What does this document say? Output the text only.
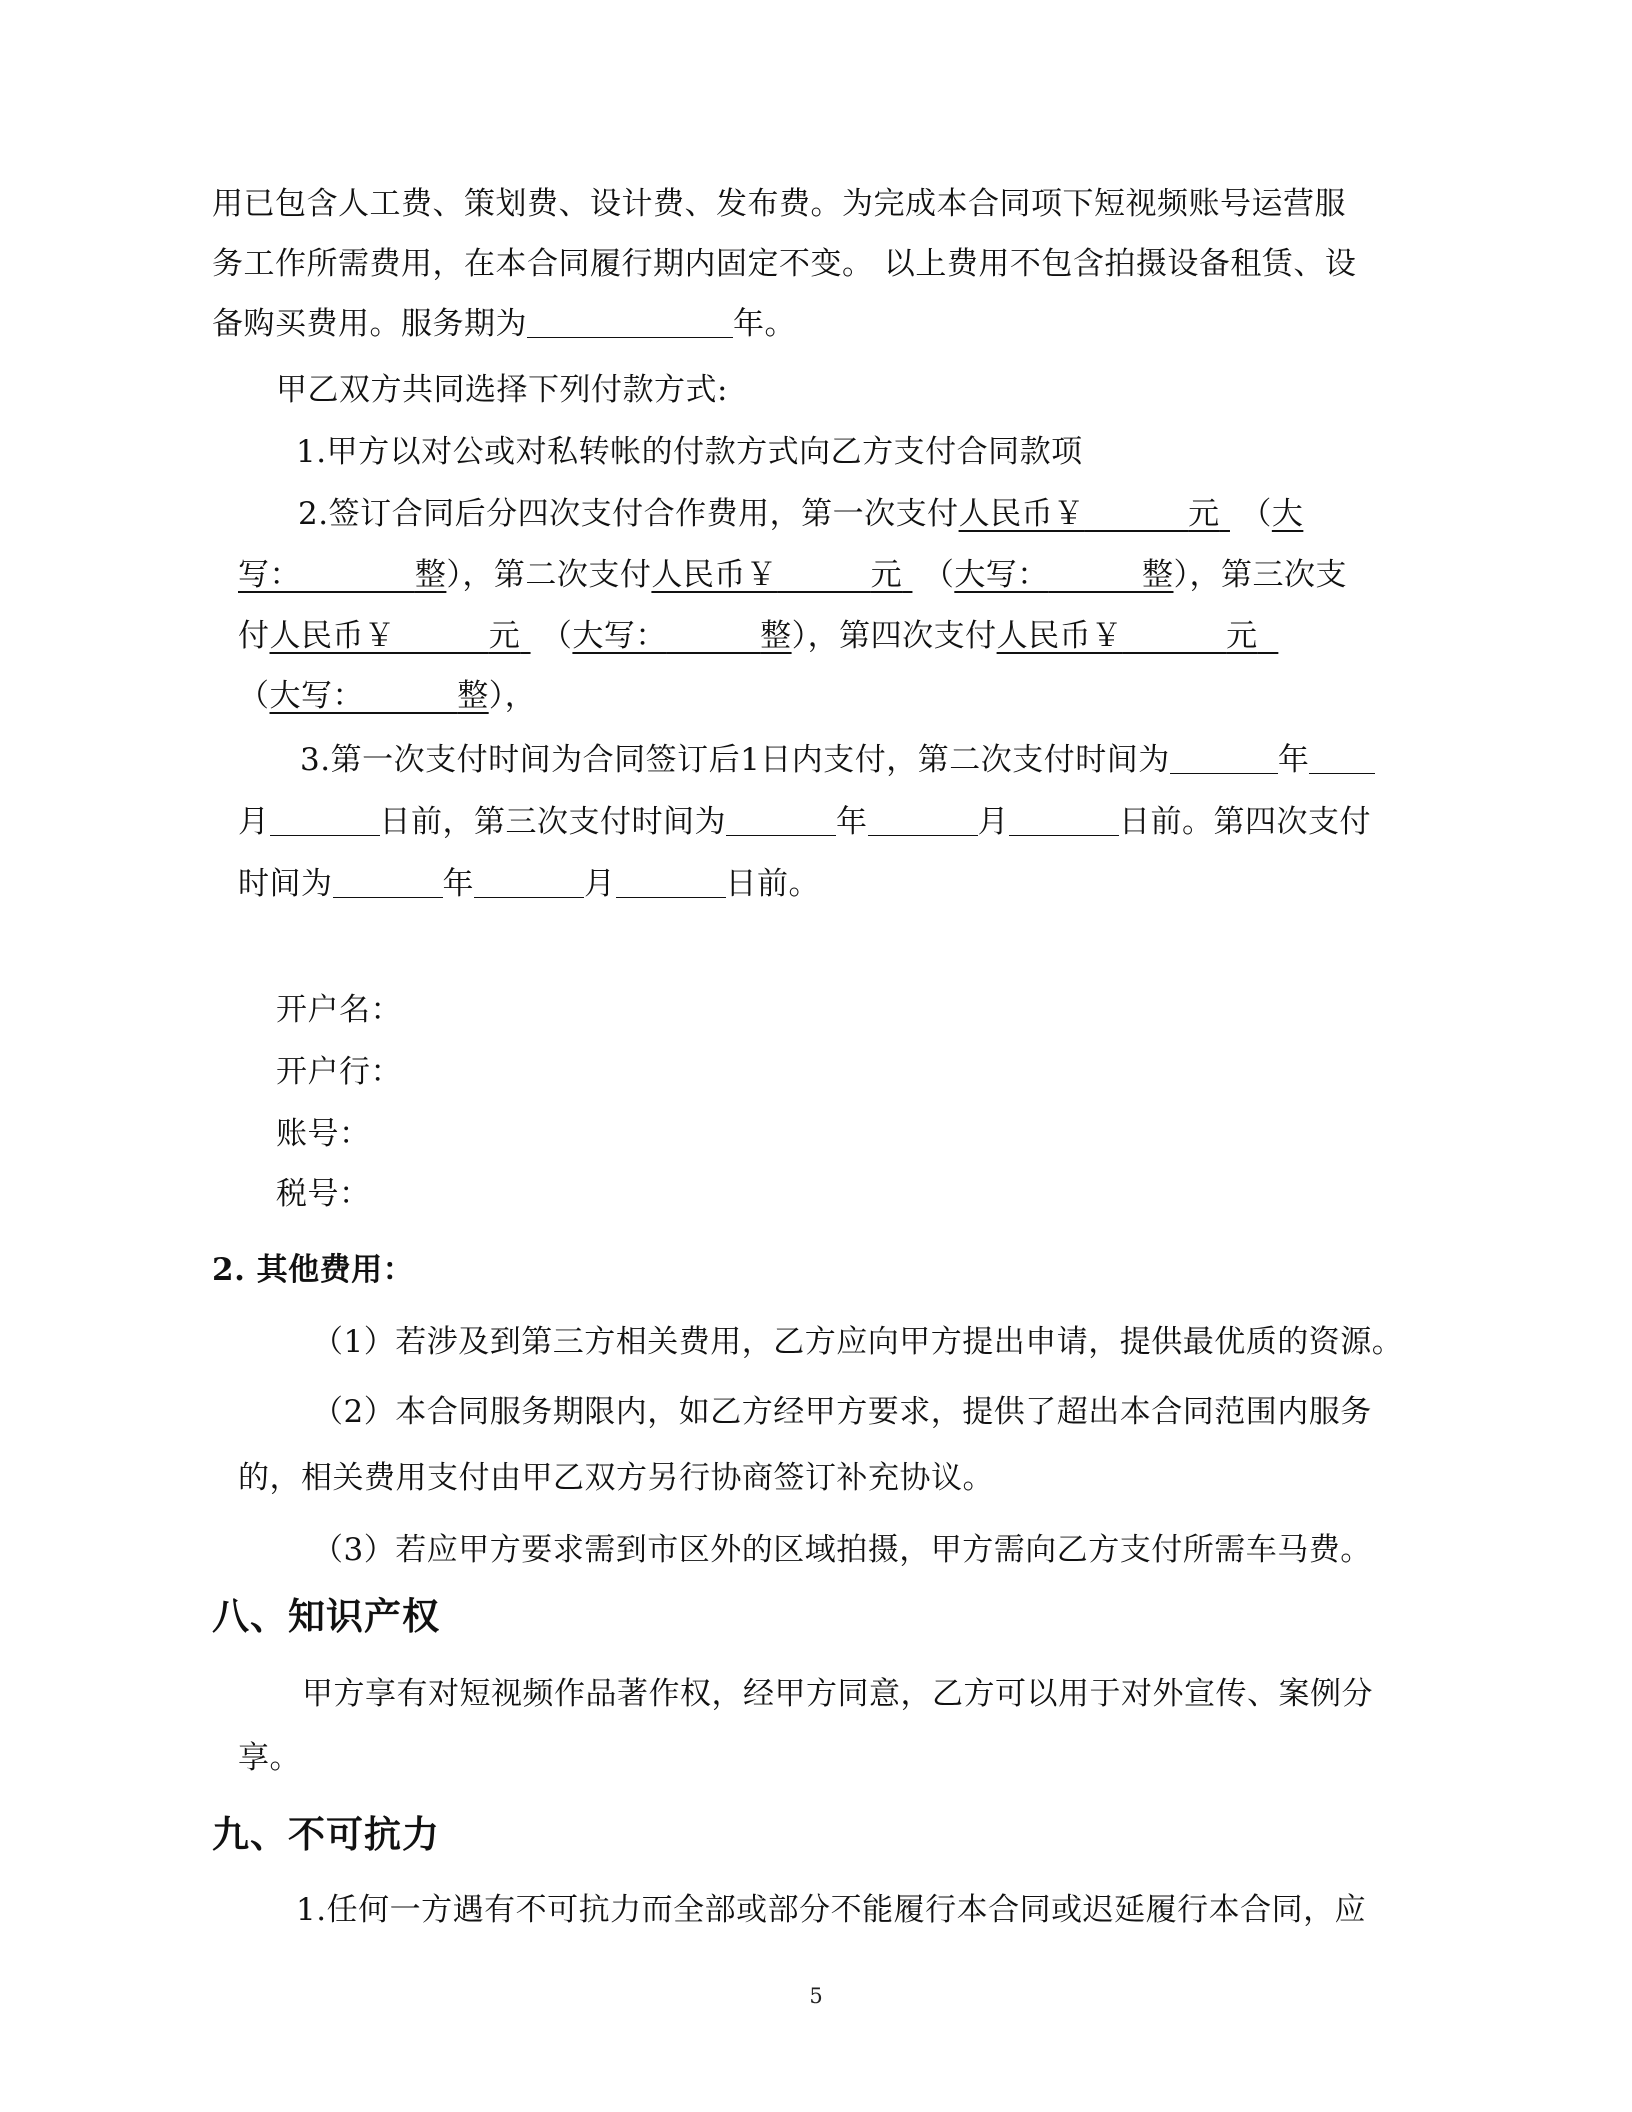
用已包含人工费、策划费、设计费、发布费。为完成本合同项下短视频账号运营服
务工作所需费用，在本合同履行期内固定不变。 以上费用不包含拍摄设备租赁、设
备购买费用。服务期为	年。
甲乙双方共同选择下列付款方式:
1.甲方以对公或对私转帐的付款方式向乙方支付合同款项
2.签订合同后分四次支付合作费用，第一次支付人民币￥	元 （大
写：	整），第二次支付人民币￥	元 （大写：	整），第三次支
付人民币￥	元 （大写：	整），第四次支付人民币￥	元
（大写：	整），
3.第一次支付时间为合同签订后1日内支付，第二次支付时间为	年
月	日前，第三次支付时间为	年	月	日前。第四次支付
时间为	年	月	日前。
开户名：
开户行：
账号：
税号：
2. 其他费用：
（1）若涉及到第三方相关费用，乙方应向甲方提出申请，提供最优质的资源。
（2）本合同服务期限内，如乙方经甲方要求，提供了超出本合同范围内服务
的，相关费用支付由甲乙双方另行协商签订补充协议。
（3）若应甲方要求需到市区外的区域拍摄，甲方需向乙方支付所需车马费。
八、知识产权
甲方享有对短视频作品著作权，经甲方同意，乙方可以用于对外宣传、案例分
享。
九、不可抗力
1.任何一方遇有不可抗力而全部或部分不能履行本合同或迟延履行本合同，应
5
